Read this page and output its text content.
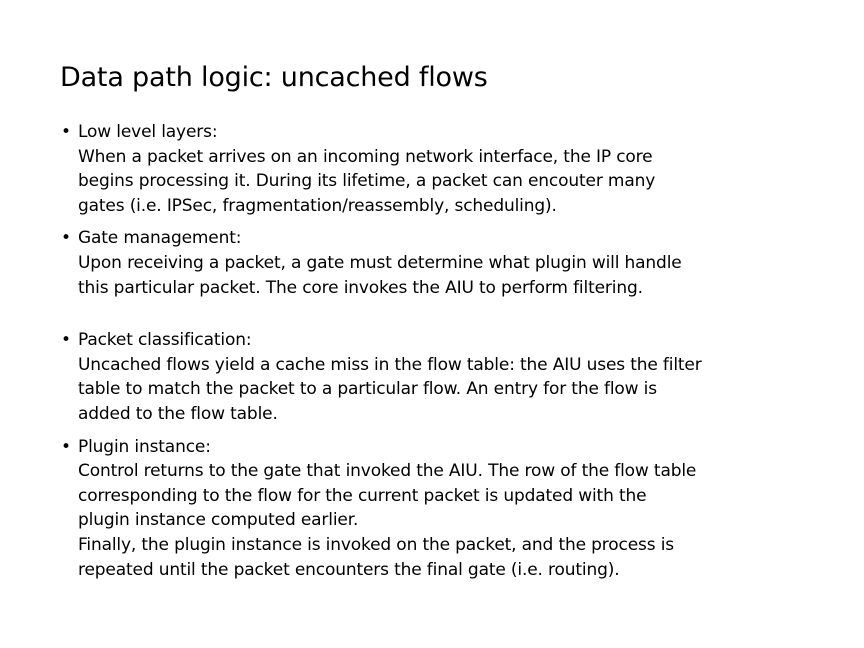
Data path logic: uncached flows
• Low level layers:
When a packet arrives on an incoming network interface, the IP core
begins processing it. During its lifetime, a packet can encouter many
gates (i.e. IPSec, fragmentation/reassembly, scheduling).
• Gate management:
Upon receiving a packet, a gate must determine what plugin will handle
this particular packet. The core invokes the AIU to perform filtering.
• Packet classification:
Uncached flows yield a cache miss in the flow table: the AIU uses the filter
table to match the packet to a particular flow. An entry for the flow is
added to the flow table.
• Plugin instance:
Control returns to the gate that invoked the AIU. The row of the flow table
corresponding to the flow for the current packet is updated with the
plugin instance computed earlier.
Finally, the plugin instance is invoked on the packet, and the process is
repeated until the packet encounters the final gate (i.e. routing).
